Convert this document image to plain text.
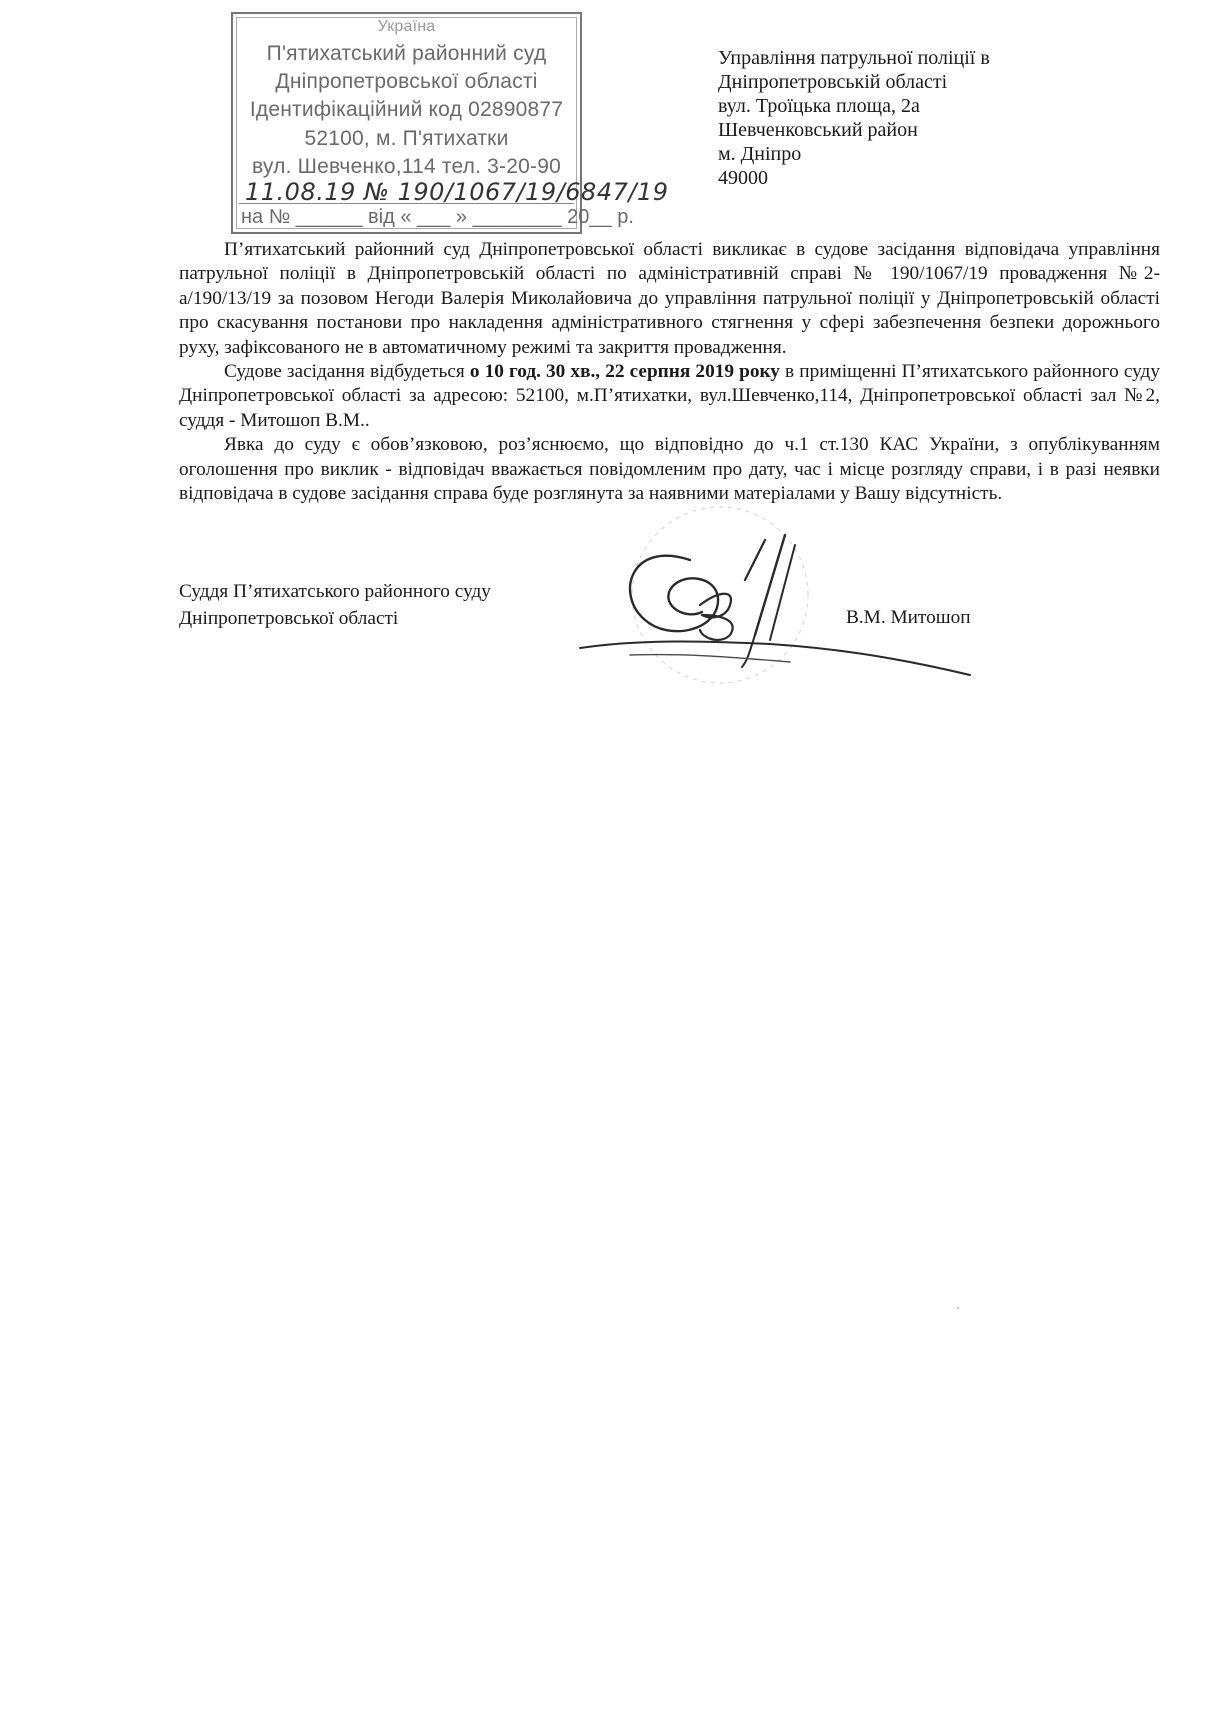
Україна
П'ятихатський районний суд
Дніпропетровської області
Ідентифікаційний код 02890877
52100, м. П'ятихатки
вул. Шевченко,114 тел. 3-20-90
11.08.19 № 190/1067/19/6847/19
на № ______ від « ___ » ________ 20__ р.
Управління патрульної поліції в
Дніпропетровській області
вул. Троїцька площа, 2а
Шевченковський район
м. Дніпро
49000

П’ятихатський районний суд Дніпропетровської області викликає в судове засідання відповідача управління патрульної поліції в Дніпропетровській області по адміністративній справі № 190/1067/19 провадження №2-а/190/13/19 за позовом Негоди Валерія Миколайовича до управління патрульної поліції у Дніпропетровській області про скасування постанови про накладення адміністративного стягнення у сфері забезпечення безпеки дорожнього руху, зафіксованого не в автоматичному режимі та закриття провадження.

Судове засідання відбудеться о 10 год. 30 хв., 22 серпня 2019 року в приміщенні П’ятихатського районного суду Дніпропетровської області за адресою: 52100, м.П’ятихатки, вул.Шевченко,114, Дніпропетровської області зал №2, суддя - Митошоп В.М..

Явка до суду є обов’язковою, роз’яснюємо, що відповідно до ч.1 ст.130 КАС України, з опублікуванням оголошення про виклик - відповідач вважається повідомленим про дату, час і місце розгляду справи, і в разі неявки відповідача в судове засідання справа буде розглянута за наявними матеріалами у Вашу відсутність.

Суддя П’ятихатського районного суду
Дніпропетровської області	В.М. Митошоп
